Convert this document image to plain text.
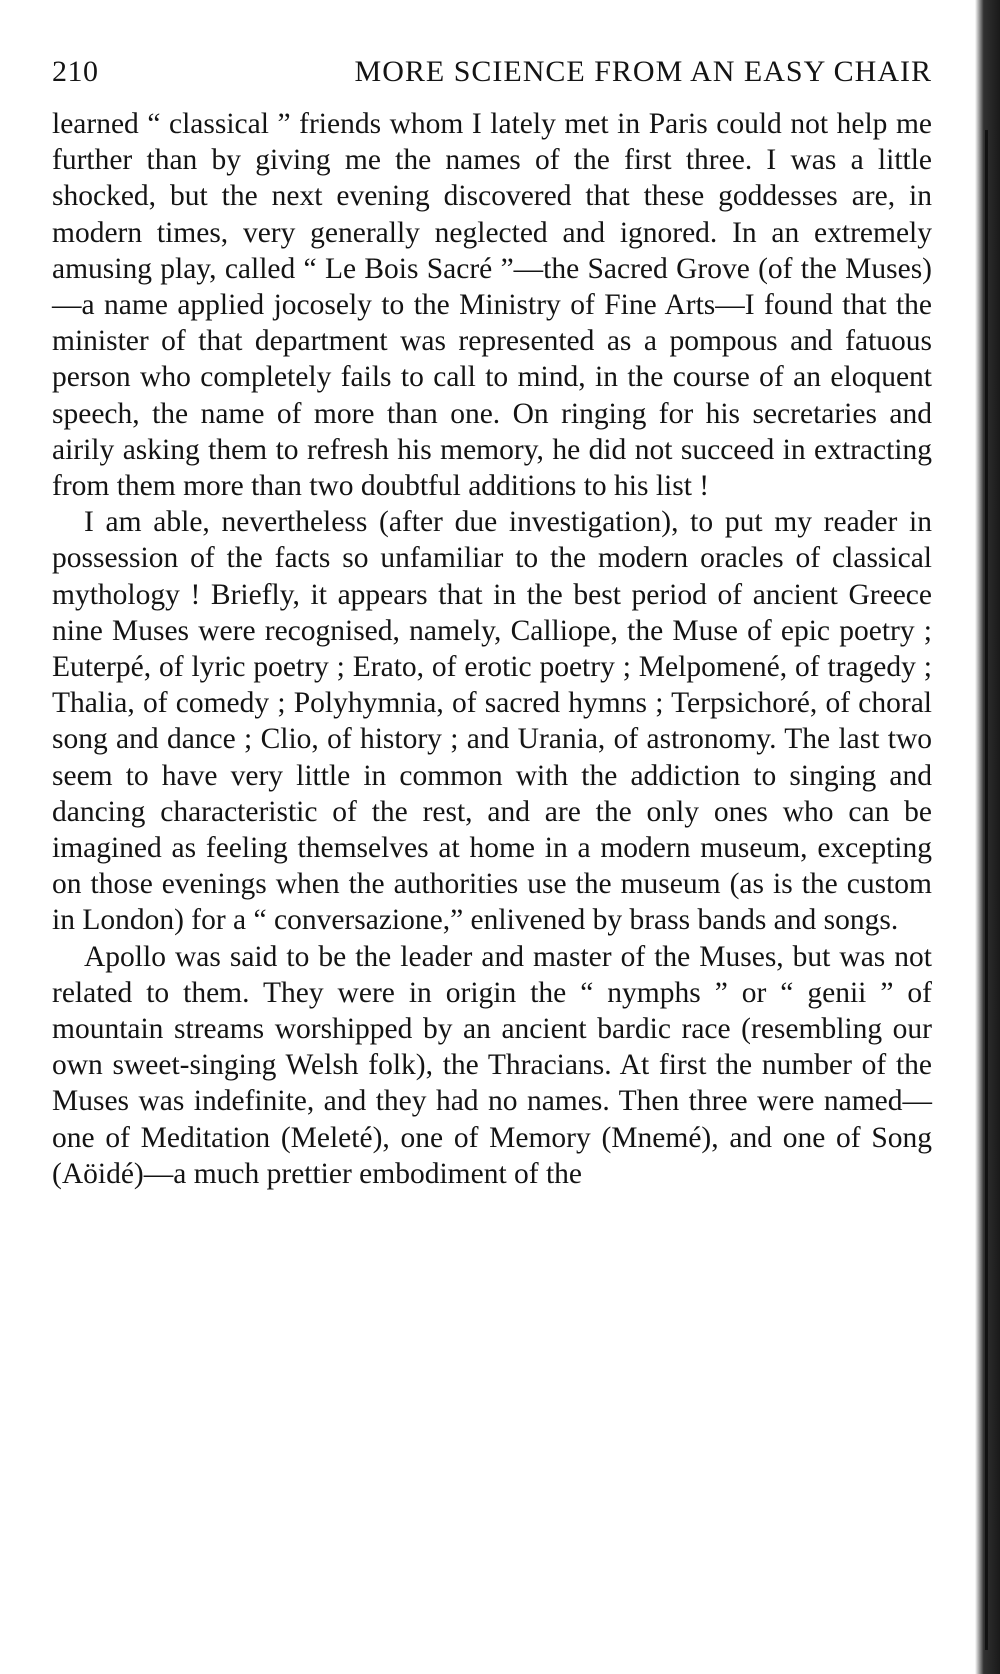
210	MORE SCIENCE FROM AN EASY CHAIR

learned “ classical ” friends whom I lately met in Paris could not help me further than by giving me the names of the first three. I was a little shocked, but the next evening discovered that these goddesses are, in modern times, very generally neglected and ignored. In an extremely amusing play, called “ Le Bois Sacré ”—the Sacred Grove (of the Muses)—a name applied jocosely to the Ministry of Fine Arts—I found that the minister of that department was represented as a pompous and fatuous person who completely fails to call to mind, in the course of an eloquent speech, the name of more than one. On ringing for his secretaries and airily asking them to refresh his memory, he did not succeed in extracting from them more than two doubtful additions to his list !

I am able, nevertheless (after due investigation), to put my reader in possession of the facts so unfamiliar to the modern oracles of classical mythology ! Briefly, it appears that in the best period of ancient Greece nine Muses were recognised, namely, Calliope, the Muse of epic poetry ; Euterpé, of lyric poetry ; Erato, of erotic poetry ; Melpomené, of tragedy ; Thalia, of comedy ; Polyhymnia, of sacred hymns ; Terpsichoré, of choral song and dance ; Clio, of history ; and Urania, of astronomy. The last two seem to have very little in common with the addiction to singing and dancing characteristic of the rest, and are the only ones who can be imagined as feeling themselves at home in a modern museum, excepting on those evenings when the authorities use the museum (as is the custom in London) for a “ conversazione,” enlivened by brass bands and songs.

Apollo was said to be the leader and master of the Muses, but was not related to them. They were in origin the “ nymphs ” or “ genii ” of mountain streams worshipped by an ancient bardic race (resembling our own sweet-singing Welsh folk), the Thracians. At first the number of the Muses was indefinite, and they had no names. Then three were named—one of Meditation (Meleté), one of Memory (Mnemé), and one of Song (Aöidé)—a much prettier embodiment of the
